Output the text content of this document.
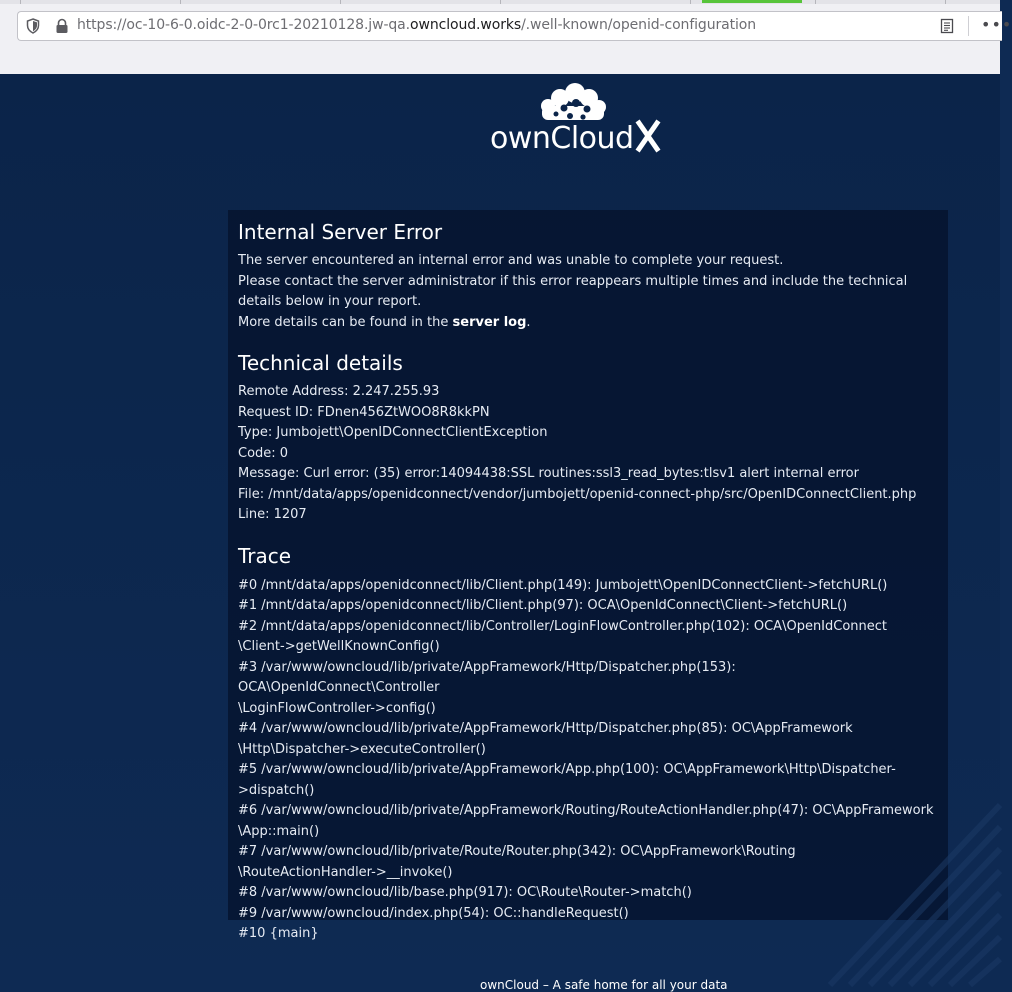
https://oc-10-6-0.oidc-2-0-0rc1-20210128.jw-qa.owncloud.works/.well-known/openid-configuration	•••
ownCloud
Internal Server Error

The server encountered an internal error and was unable to complete your request.

Please contact the server administrator if this error reappears multiple times and include the technical details below in your report.

More details can be found in the server log.

Technical details

Remote Address: 2.247.255.93

Request ID: FDnen456ZtWOO8R8kkPN

Type: Jumbojett\OpenIDConnectClientException

Code: 0

Message: Curl error: (35) error:14094438:SSL routines:ssl3_read_bytes:tlsv1 alert internal error

File: /mnt/data/apps/openidconnect/vendor/jumbojett/openid-connect-php/src/OpenIDConnectClient.php

Line: 1207

Trace

#0 /mnt/data/apps/openidconnect/lib/Client.php(149): Jumbojett\OpenIDConnectClient->fetchURL()

#1 /mnt/data/apps/openidconnect/lib/Client.php(97): OCA\OpenIdConnect\Client->fetchURL()

#2 /mnt/data/apps/openidconnect/lib/Controller/LoginFlowController.php(102): OCA\OpenIdConnect

\Client->getWellKnownConfig()

#3 /var/www/owncloud/lib/private/AppFramework/Http/Dispatcher.php(153): OCA\OpenIdConnect\Controller

\LoginFlowController->config()

#4 /var/www/owncloud/lib/private/AppFramework/Http/Dispatcher.php(85): OC\AppFramework

\Http\Dispatcher->executeController()

#5 /var/www/owncloud/lib/private/AppFramework/App.php(100): OC\AppFramework\Http\Dispatcher->dispatch()

#6 /var/www/owncloud/lib/private/AppFramework/Routing/RouteActionHandler.php(47): OC\AppFramework

\App::main()

#7 /var/www/owncloud/lib/private/Route/Router.php(342): OC\AppFramework\Routing

\RouteActionHandler->__invoke()

#8 /var/www/owncloud/lib/base.php(917): OC\Route\Router->match()

#9 /var/www/owncloud/index.php(54): OC::handleRequest()

#10 {main}

ownCloud – A safe home for all your data
